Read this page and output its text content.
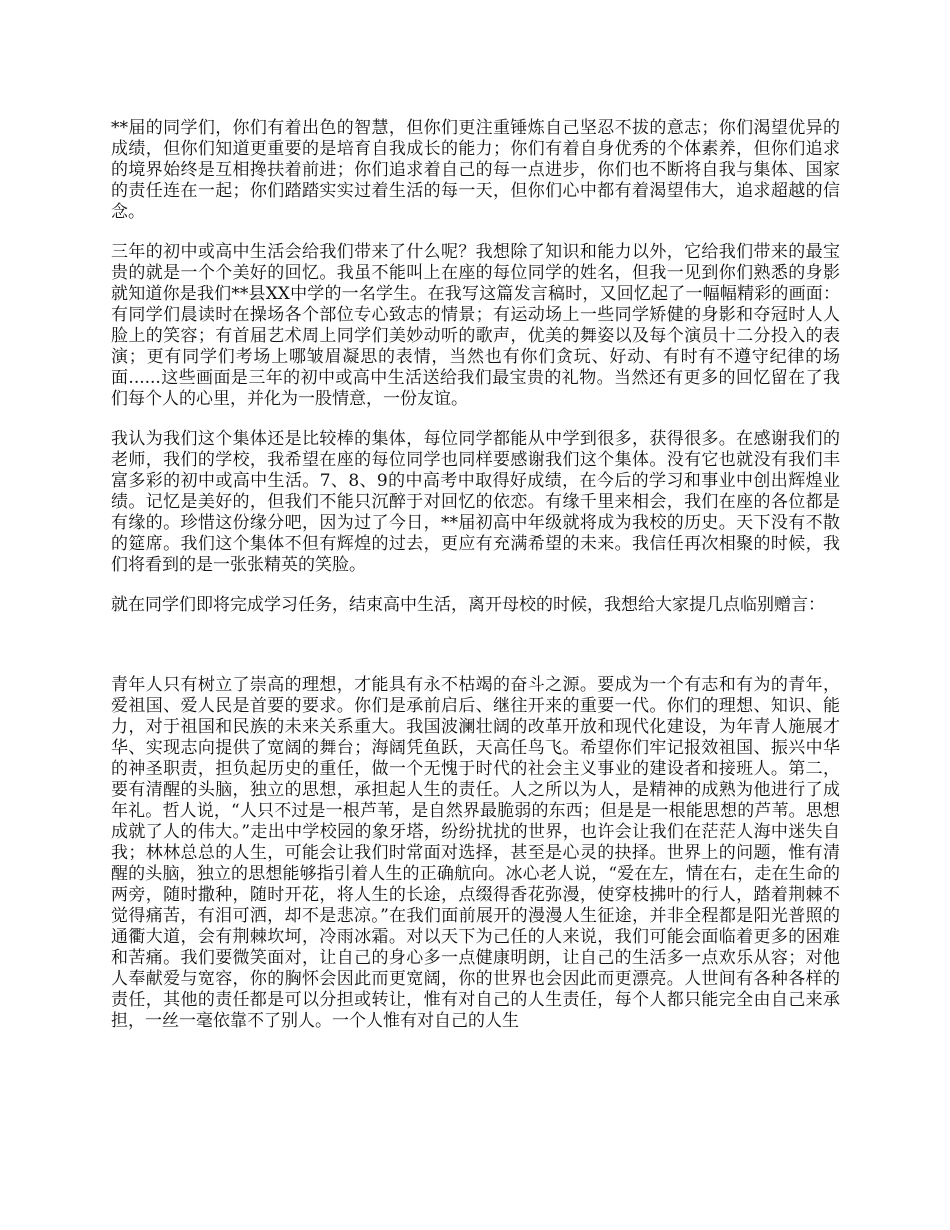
**届的同学们，你们有着出色的智慧，但你们更注重锤炼自己坚忍不拔的意志；你们渴望优异的成绩，但你们知道更重要的是培育自我成长的能力；你们有着自身优秀的个体素养，但你们追求的境界始终是互相搀扶着前进；你们追求着自己的每一点进步，你们也不断将自我与集体、国家的责任连在一起；你们踏踏实实过着生活的每一天，但你们心中都有着渴望伟大，追求超越的信念。

三年的初中或高中生活会给我们带来了什么呢？我想除了知识和能力以外，它给我们带来的最宝贵的就是一个个美好的回忆。我虽不能叫上在座的每位同学的姓名，但我一见到你们熟悉的身影就知道你是我们**县XX中学的一名学生。在我写这篇发言稿时，又回忆起了一幅幅精彩的画面：有同学们晨读时在操场各个部位专心致志的情景；有运动场上一些同学矫健的身影和夺冠时人人脸上的笑容；有首届艺术周上同学们美妙动听的歌声，优美的舞姿以及每个演员十二分投入的表演；更有同学们考场上哪皱眉凝思的表情，当然也有你们贪玩、好动、有时有不遵守纪律的场面......这些画面是三年的初中或高中生活送给我们最宝贵的礼物。当然还有更多的回忆留在了我们每个人的心里，并化为一股情意，一份友谊。

我认为我们这个集体还是比较棒的集体，每位同学都能从中学到很多，获得很多。在感谢我们的老师，我们的学校，我希望在座的每位同学也同样要感谢我们这个集体。没有它也就没有我们丰富多彩的初中或高中生活。7、8、9的中高考中取得好成绩，在今后的学习和事业中创出辉煌业绩。记忆是美好的，但我们不能只沉醉于对回忆的依恋。有缘千里来相会，我们在座的各位都是有缘的。珍惜这份缘分吧，因为过了今日，**届初高中年级就将成为我校的历史。天下没有不散的筵席。我们这个集体不但有辉煌的过去，更应有充满希望的未来。我信任再次相聚的时候，我们将看到的是一张张精英的笑脸。

就在同学们即将完成学习任务，结束高中生活，离开母校的时候，我想给大家提几点临别赠言：

青年人只有树立了崇高的理想，才能具有永不枯竭的奋斗之源。要成为一个有志和有为的青年，爱祖国、爱人民是首要的要求。你们是承前启后、继往开来的重要一代。你们的理想、知识、能力，对于祖国和民族的未来关系重大。我国波澜壮阔的改革开放和现代化建设，为年青人施展才华、实现志向提供了宽阔的舞台；海阔凭鱼跃，天高任鸟飞。希望你们牢记报效祖国、振兴中华的神圣职责，担负起历史的重任，做一个无愧于时代的社会主义事业的建设者和接班人。第二，要有清醒的头脑，独立的思想，承担起人生的责任。人之所以为人，是精神的成熟为他进行了成年礼。哲人说，“人只不过是一根芦苇，是自然界最脆弱的东西；但是是一根能思想的芦苇。思想成就了人的伟大。”走出中学校园的象牙塔，纷纷扰扰的世界，也许会让我们在茫茫人海中迷失自我；林林总总的人生，可能会让我们时常面对选择，甚至是心灵的抉择。世界上的问题，惟有清醒的头脑，独立的思想能够指引着人生的正确航向。冰心老人说，“爱在左，情在右，走在生命的两旁，随时撒种，随时开花，将人生的长途，点缀得香花弥漫，使穿枝拂叶的行人，踏着荆棘不觉得痛苦，有泪可洒，却不是悲凉。”在我们面前展开的漫漫人生征途，并非全程都是阳光普照的通衢大道，会有荆棘坎坷，冷雨冰霜。对以天下为己任的人来说，我们可能会面临着更多的困难和苦痛。我们要微笑面对，让自己的身心多一点健康明朗，让自己的生活多一点欢乐从容；对他人奉献爱与宽容，你的胸怀会因此而更宽阔，你的世界也会因此而更漂亮。人世间有各种各样的责任，其他的责任都是可以分担或转让，惟有对自己的人生责任，每个人都只能完全由自己来承担，一丝一毫依靠不了别人。一个人惟有对自己的人生
